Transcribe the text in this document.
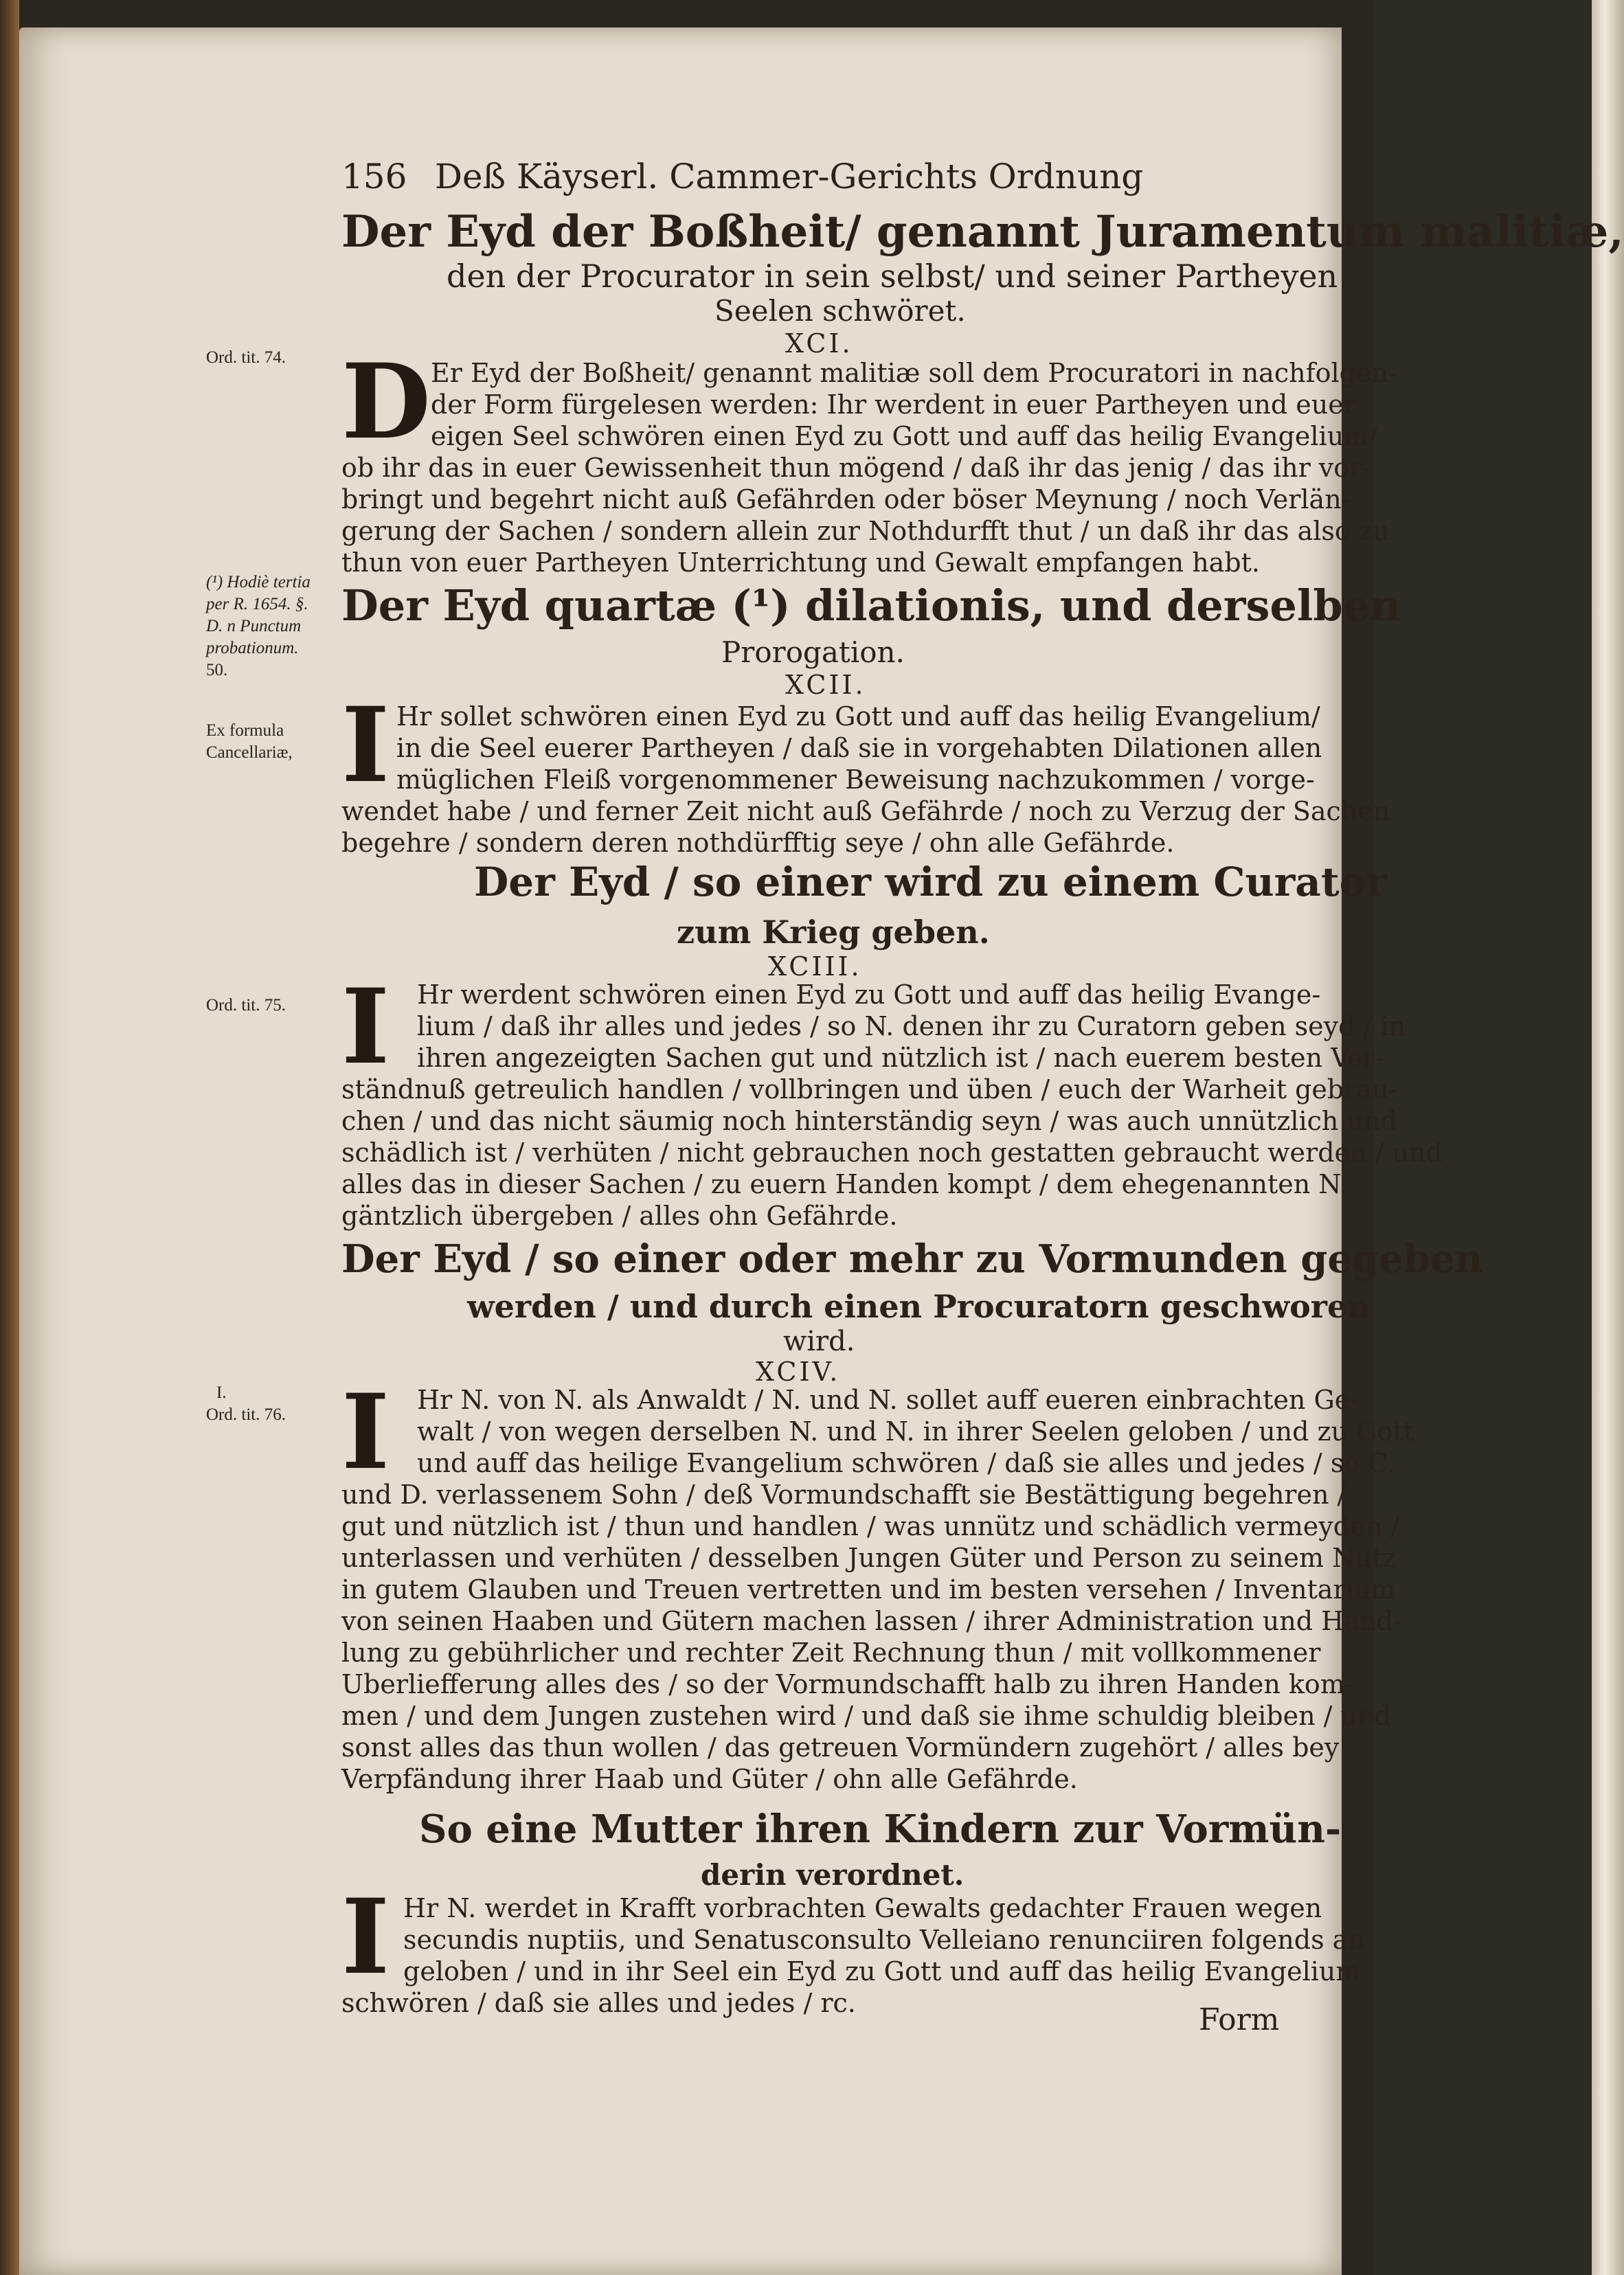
156 Deß Käyserl. Cammer-Gerichts Ordnung
Der Eyd der Boßheit/ genannt Juramentum malitiæ,
den der Procurator in sein selbst/ und seiner Partheyen
Seelen schwöret.
XCI.
D Er Eyd der Boßheit/ genannt malitiæ soll dem Procuratori in nachfolgen-
der Form fürgelesen werden: Ihr werdent in euer Partheyen und euer
eigen Seel schwören einen Eyd zu Gott und auff das heilig Evangelium/
ob ihr das in euer Gewissenheit thun mögend / daß ihr das jenig / das ihr vor-
bringt und begehrt nicht auß Gefährden oder böser Meynung / noch Verlän-
gerung der Sachen / sondern allein zur Nothdurfft thut / un daß ihr das also zu
thun von euer Partheyen Unterrichtung und Gewalt empfangen habt.
Der Eyd quartæ (¹) dilationis, und derselben
Prorogation.
XCII.
I Hr sollet schwören einen Eyd zu Gott und auff das heilig Evangelium/
in die Seel euerer Partheyen / daß sie in vorgehabten Dilationen allen
müglichen Fleiß vorgenommener Beweisung nachzukommen / vorge-
wendet habe / und ferner Zeit nicht auß Gefährde / noch zu Verzug der Sachen
begehre / sondern deren nothdürfftig seye / ohn alle Gefährde.
Der Eyd / so einer wird zu einem Curator
zum Krieg geben.
XCIII.
I	Hr werdent schwören einen Eyd zu Gott und auff das heilig Evange-
lium / daß ihr alles und jedes / so N. denen ihr zu Curatorn geben seyd / in
ihren angezeigten Sachen gut und nützlich ist / nach euerem besten Ver-
ständnuß getreulich handlen / vollbringen und üben / euch der Warheit gebrau-
chen / und das nicht säumig noch hinterständig seyn / was auch unnützlich und
schädlich ist / verhüten / nicht gebrauchen noch gestatten gebraucht werden / und
alles das in dieser Sachen / zu euern Handen kompt / dem ehegenannten N.
gäntzlich übergeben / alles ohn Gefährde.
Der Eyd / so einer oder mehr zu Vormunden gegeben
werden / und durch einen Procuratorn geschworen
wird.
XCIV.
I	Hr N. von N. als Anwaldt / N. und N. sollet auff eueren einbrachten Ge-
walt / von wegen derselben N. und N. in ihrer Seelen geloben / und zu Gott
und auff das heilige Evangelium schwören / daß sie alles und jedes / so C.
und D. verlassenem Sohn / deß Vormundschafft sie Bestättigung begehren /
gut und nützlich ist / thun und handlen / was unnütz und schädlich vermeyden /
unterlassen und verhüten / desselben Jungen Güter und Person zu seinem Nutz
in gutem Glauben und Treuen vertretten und im besten versehen / Inventarium
von seinen Haaben und Gütern machen lassen / ihrer Administration und Hand-
lung zu gebührlicher und rechter Zeit Rechnung thun / mit vollkommener
Uberliefferung alles des / so der Vormundschafft halb zu ihren Handen kom-
men / und dem Jungen zustehen wird / und daß sie ihme schuldig bleiben / und
sonst alles das thun wollen / das getreuen Vormündern zugehört / alles bey
Verpfändung ihrer Haab und Güter / ohn alle Gefährde.
So eine Mutter ihren Kindern zur Vormün-
derin verordnet.
I Hr N. werdet in Krafft vorbrachten Gewalts gedachter Frauen wegen
secundis nuptiis, und Senatusconsulto Velleiano renunciiren folgends an-
geloben / und in ihr Seel ein Eyd zu Gott und auff das heilig Evangelium
schwören / daß sie alles und jedes / rc.
Ord. tit. 74.
(¹) Hodiè tertia
per R. 1654. §.
D. n Punctum
probationum.
50.
Ex formula
Cancellariæ,
Ord. tit. 75.
I.
Ord. tit. 76.
Form
